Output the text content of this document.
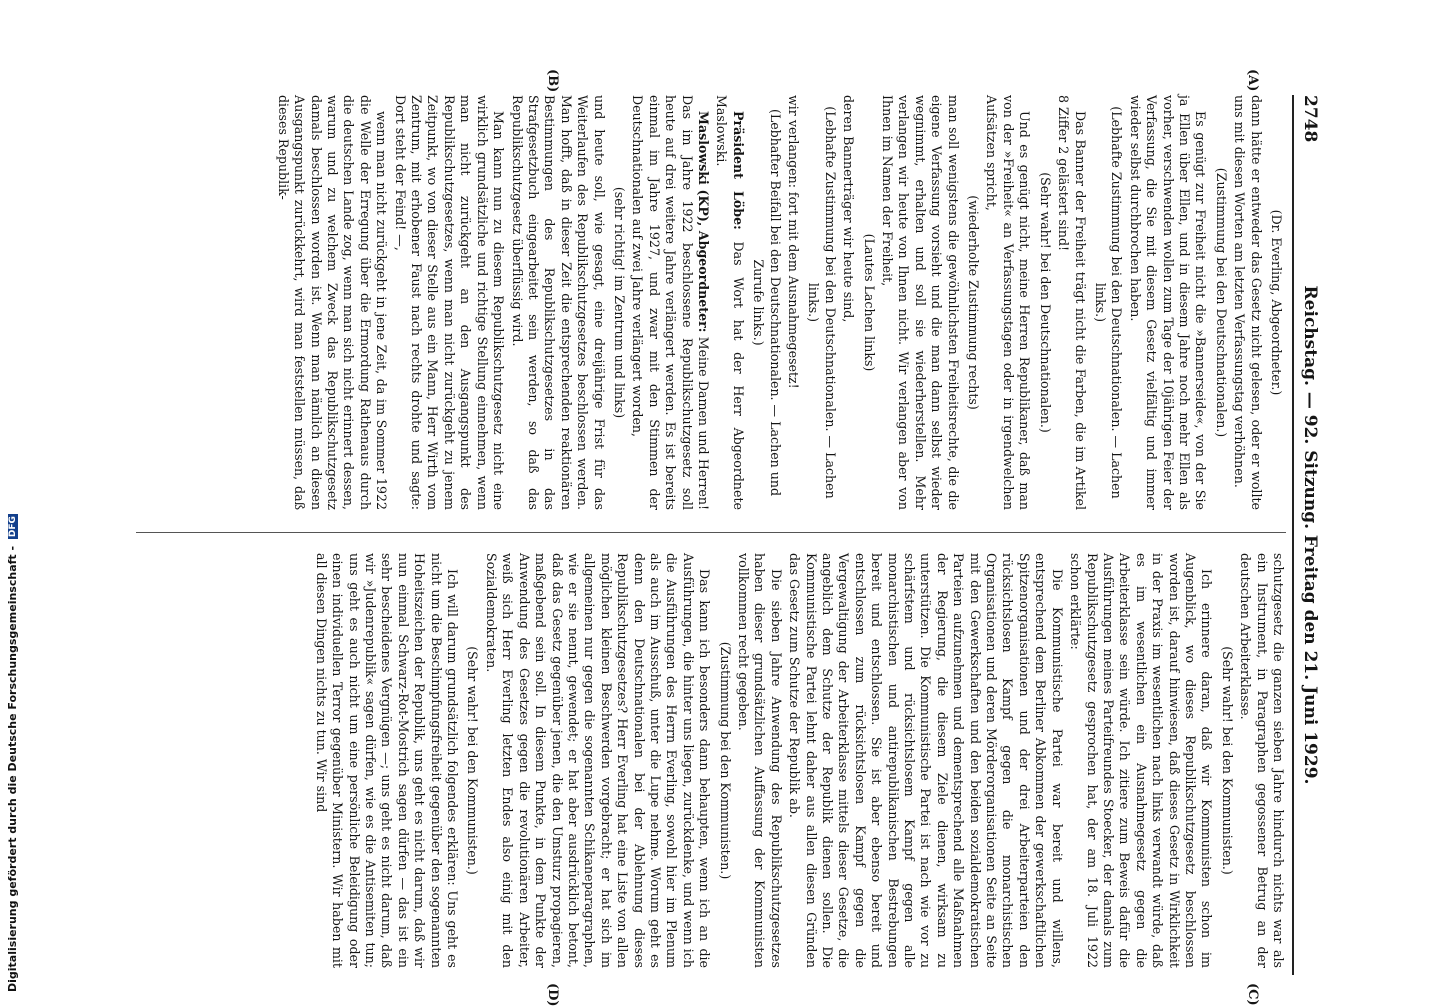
Reichstag. — 92. Sitzung. Freitag den 21. Juni 1929.
2748

(Dr. Everling, Abgeordneter.)

dann hätte er entweder das Gesetz nicht gelesen, oder er wollte uns mit diesen Worten am letzten Verfassungstag verhöhnen.

(Zustimmung bei den Deutschnationalen.)

Es genügt zur Freiheit nicht die »Bannerseide«, von der Sie ja Ellen über Ellen, und in diesem Jahre noch mehr Ellen als vorher, verschwenden wollen zum Tage der 10jährigen Feier der Verfassung, die Sie mit diesem Gesetz vielfältig und immer wieder selbst durchbrochen haben.

(Lebhafte Zustimmung bei den Deutschnationalen. — Lachen links.)

Das Banner der Freiheit trägt nicht die Farben, die im Artikel 8 Ziffer 2 gelästert sind!

(Sehr wahr! bei den Deutschnationalen.)

Und es genügt nicht, meine Herren Republikaner, daß man von der »Freiheit« an Verfassungstagen oder in irgendwelchen Aufsätzen spricht,

(wiederholte Zustimmung rechts)

man soll wenigstens die gewöhnlichsten Freiheitsrechte, die die eigene Verfassung vorsieht und die man dann selbst wieder wegnimmt, erhalten und soll sie wiederherstellen. Mehr verlangen wir heute von Ihnen nicht. Wir verlangen aber von Ihnen im Namen der Freiheit,

(Lautes Lachen links)

deren Bannerträger wir heute sind,

(Lebhafte Zustimmung bei den Deutschnationalen. — Lachen links.)

wir verlangen: fort mit dem Ausnahmegesetz!

(Lebhafter Beifall bei den Deutschnationalen. — Lachen und Zurufe links.)

Präsident Löbe: Das Wort hat der Herr Abgeordnete Maslowski.

Maslowski (KP), Abgeordneter: Meine Damen und Herren! Das im Jahre 1922 beschlossene Republikschutzgesetz soll heute auf drei weitere Jahre verlängert werden. Es ist bereits einmal im Jahre 1927, und zwar mit den Stimmen der Deutschnationalen auf zwei Jahre verlängert worden,

(sehr richtig! im Zentrum und links)

und heute soll, wie gesagt, eine dreijährige Frist für das Weiterlaufen des Republikschutzgesetzes beschlossen werden. Man hofft, daß in dieser Zeit die entsprechenden reaktionären Bestimmungen des Republikschutzgesetzes in das Strafgesetzbuch eingearbeitet sein werden, so daß das Republikschutzgesetz überflüssig wird.

Man kann nun zu diesem Republikschutzgesetz nicht eine wirklich grundsätzliche und richtige Stellung einnehmen, wenn man nicht zurückgeht an den Ausgangspunkt des Republikschutzgesetzes, wenn man nicht zurückgeht zu jenem Zeitpunkt, wo von dieser Stelle aus ein Mann, Herr Wirth vom Zentrum, mit erhobener Faust nach rechts drohte und sagte: Dort steht der Feind! —,

wenn man nicht zurückgeht in jene Zeit, da im Sommer 1922 die Welle der Erregung über die Ermordung Rathenaus durch die deutschen Lande zog, wenn man sich nicht erinnert dessen, warum und zu welchem Zweck das Republikschutzgesetz damals beschlossen worden ist. Wenn man nämlich an diesen Ausgangspunkt zurückkehrt, wird man feststellen müssen, daß dieses Republik-

schutzgesetz die ganzen sieben Jahre hindurch nichts war als ein Instrument, in Paragraphen gegossener Betrug an der deutschen Arbeiterklasse.

(Sehr wahr! bei den Kommunisten.)

Ich erinnere daran, daß wir Kommunisten schon im Augenblick, wo dieses Republikschutzgesetz beschlossen worden ist, darauf hinwiesen, daß dieses Gesetz in Wirklichkeit in der Praxis im wesentlichen nach links verwandt würde, daß es im wesentlichen ein Ausnahmegesetz gegen die Arbeiterklasse sein würde. Ich zitiere zum Beweis dafür die Ausführungen meines Parteifreundes Stoecker, der damals zum Republikschutzgesetz gesprochen hat, der am 18. Juli 1922 schon erklärte:

Die Kommunistische Partei war bereit und willens, entsprechend dem Berliner Abkommen der gewerkschaftlichen Spitzenorganisationen und der drei Arbeiterparteien den rücksichtslosen Kampf gegen die monarchistischen Organisationen und deren Mörderorganisationen Seite an Seite mit den Gewerkschaften und den beiden sozialdemokratischen Parteien aufzunehmen und dementsprechend alle Maßnahmen der Regierung, die diesem Ziele dienen, wirksam zu unterstützen. Die Kommunistische Partei ist nach wie vor zu schärfstem und rücksichtslosem Kampf gegen alle monarchistischen und antirepublikanischen Bestrebungen bereit und entschlossen. Sie ist aber ebenso bereit und entschlossen zum rücksichtslosen Kampf gegen die Vergewaltigung der Arbeiterklasse mittels dieser Gesetze, die angeblich dem Schutze der Republik dienen sollen. Die Kommunistische Partei lehnt daher aus allen diesen Gründen das Gesetz zum Schutze der Republik ab.

Die sieben Jahre Anwendung des Republikschutzgesetzes haben dieser grundsätzlichen Auffassung der Kommunisten vollkommen recht gegeben.

(Zustimmung bei den Kommunisten.)

Das kann ich besonders dann behaupten, wenn ich an die Ausführungen, die hinter uns liegen, zurückdenke, und wenn ich die Ausführungen des Herrn Everling, sowohl hier im Plenum als auch im Ausschuß, unter die Lupe nehme. Worum geht es denn den Deutschnationalen bei der Ablehnung dieses Republikschutzgesetzes? Herr Everling hat eine Liste von allen möglichen kleinen Beschwerden vorgebracht; er hat sich im allgemeinen nur gegen die sogenannten Schikaneparagraphen, wie er sie nennt, gewendet; er hat aber ausdrücklich betont, daß das Gesetz gegenüber jenen, die den Umsturz propagieren, maßgebend sein soll. In diesem Punkte, in dem Punkte der Anwendung des Gesetzes gegen die revolutionären Arbeiter, weiß sich Herr Everling letzten Endes also einig mit den Sozialdemokraten.

(Sehr wahr! bei den Kommunisten.)

Ich will darum grundsätzlich folgendes erklären: Uns geht es nicht um die Beschimpfungsfreiheit gegenüber den sogenannten Hoheitszeichen der Republik, uns geht es nicht darum, daß wir nun einmal Schwarz-Rot-Mostrich sagen dürfen — das ist ein sehr bescheidenes Vergnügen —; uns geht es nicht darum, daß wir »Judenrepublik« sagen dürfen, wie es die Antisemiten tun; uns geht es auch nicht um eine persönliche Beleidigung oder einen individuellen Terror gegenüber Ministern. Wir haben mit all diesen Dingen nichts zu tun. Wir sind

(A)
(B)
(C)
(D)
Digitalisierung gefördert durch die Deutsche Forschungsgemeinschaft - DFG
